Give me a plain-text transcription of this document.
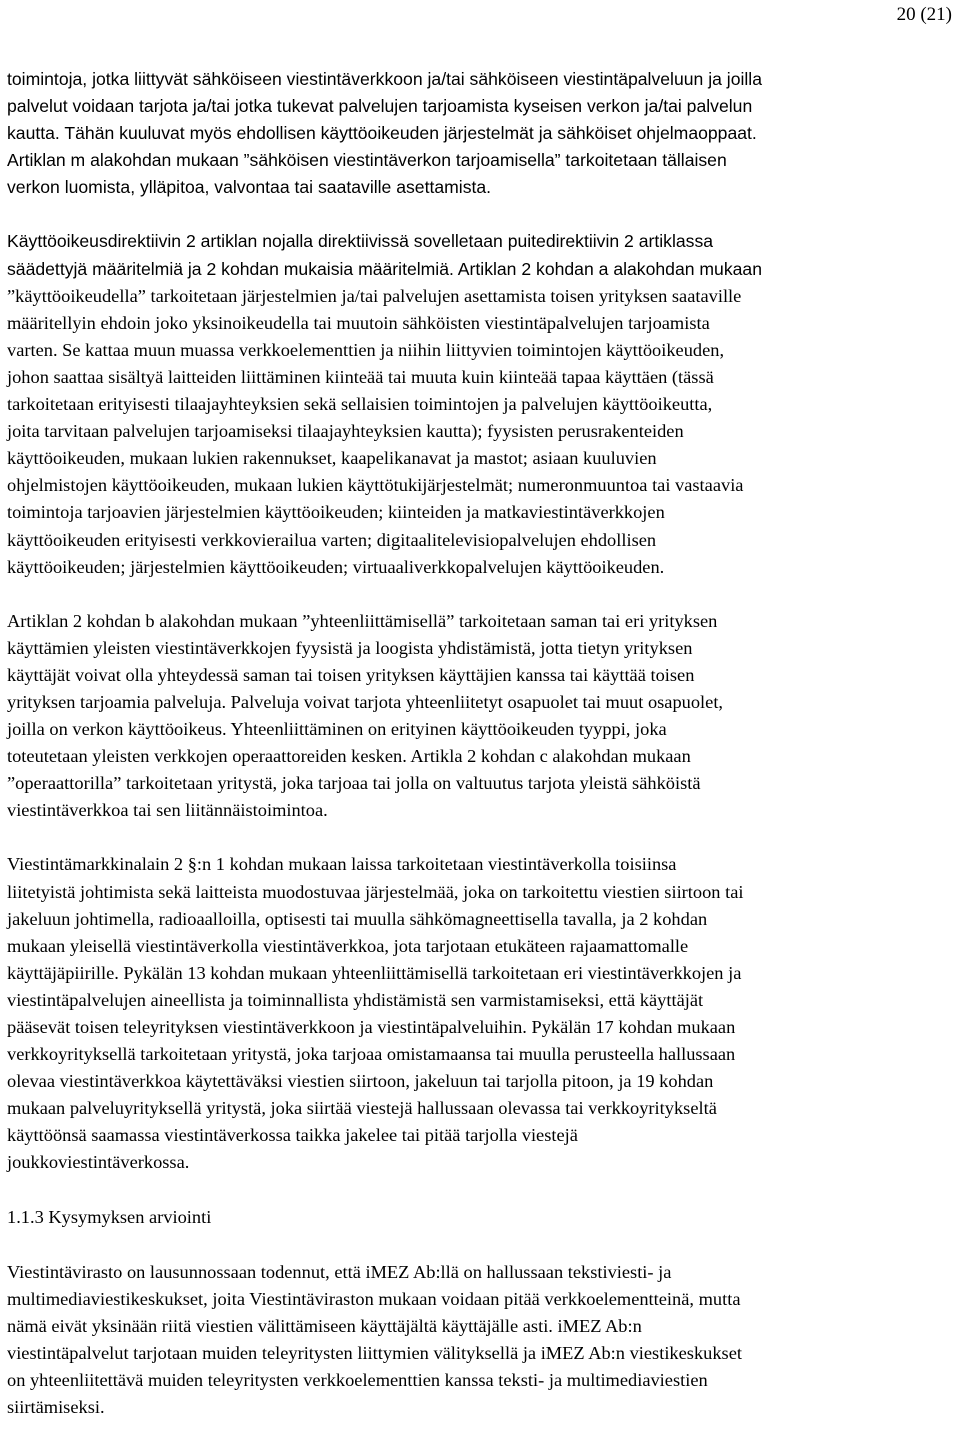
20 (21)

toimintoja, jotka liittyvät sähköiseen viestintäverkkoon ja/tai sähköiseen viestintäpalveluun ja joilla

palvelut voidaan tarjota ja/tai jotka tukevat palvelujen tarjoamista kyseisen verkon ja/tai palvelun

kautta. Tähän kuuluvat myös ehdollisen käyttöoikeuden järjestelmät ja sähköiset ohjelmaoppaat.

Artiklan m alakohdan mukaan ”sähköisen viestintäverkon tarjoamisella” tarkoitetaan tällaisen

verkon luomista, ylläpitoa, valvontaa tai saataville asettamista.

Käyttöoikeusdirektiivin 2 artiklan nojalla direktiivissä sovelletaan puitedirektiivin 2 artiklassa

säädettyjä määritelmiä ja 2 kohdan mukaisia määritelmiä. Artiklan 2 kohdan a alakohdan mukaan

”käyttöoikeudella” tarkoitetaan järjestelmien ja/tai palvelujen asettamista toisen yrityksen saataville

määritellyin ehdoin joko yksinoikeudella tai muutoin sähköisten viestintäpalvelujen tarjoamista

varten. Se kattaa muun muassa verkkoelementtien ja niihin liittyvien toimintojen käyttöoikeuden,

johon saattaa sisältyä laitteiden liittäminen kiinteää tai muuta kuin kiinteää tapaa käyttäen (tässä

tarkoitetaan erityisesti tilaajayhteyksien sekä sellaisien toimintojen ja palvelujen käyttöoikeutta,

joita tarvitaan palvelujen tarjoamiseksi tilaajayhteyksien kautta); fyysisten perusrakenteiden

käyttöoikeuden, mukaan lukien rakennukset, kaapelikanavat ja mastot; asiaan kuuluvien

ohjelmistojen käyttöoikeuden, mukaan lukien käyttötukijärjestelmät; numeronmuuntoa tai vastaavia

toimintoja tarjoavien järjestelmien käyttöoikeuden; kiinteiden ja matkaviestintäverkkojen

käyttöoikeuden erityisesti verkkovierailua varten; digitaalitelevisiopalvelujen ehdollisen

käyttöoikeuden; järjestelmien käyttöoikeuden; virtuaaliverkkopalvelujen käyttöoikeuden.

Artiklan 2 kohdan b alakohdan mukaan ”yhteenliittämisellä” tarkoitetaan saman tai eri yrityksen

käyttämien yleisten viestintäverkkojen fyysistä ja loogista yhdistämistä, jotta tietyn yrityksen

käyttäjät voivat olla yhteydessä saman tai toisen yrityksen käyttäjien kanssa tai käyttää toisen

yrityksen tarjoamia palveluja. Palveluja voivat tarjota yhteenliitetyt osapuolet tai muut osapuolet,

joilla on verkon käyttöoikeus. Yhteenliittäminen on erityinen käyttöoikeuden tyyppi, joka

toteutetaan yleisten verkkojen operaattoreiden kesken. Artikla 2 kohdan c alakohdan mukaan

”operaattorilla” tarkoitetaan yritystä, joka tarjoaa tai jolla on valtuutus tarjota yleistä sähköistä

viestintäverkkoa tai sen liitännäistoimintoa.

Viestintämarkkinalain 2 §:n 1 kohdan mukaan laissa tarkoitetaan viestintäverkolla toisiinsa

liitetyistä johtimista sekä laitteista muodostuvaa järjestelmää, joka on tarkoitettu viestien siirtoon tai

jakeluun johtimella, radioaalloilla, optisesti tai muulla sähkömagneettisella tavalla, ja 2 kohdan

mukaan yleisellä viestintäverkolla viestintäverkkoa, jota tarjotaan etukäteen rajaamattomalle

käyttäjäpiirille. Pykälän 13 kohdan mukaan yhteenliittämisellä tarkoitetaan eri viestintäverkkojen ja

viestintäpalvelujen aineellista ja toiminnallista yhdistämistä sen varmistamiseksi, että käyttäjät

pääsevät toisen teleyrityksen viestintäverkkoon ja viestintäpalveluihin. Pykälän 17 kohdan mukaan

verkkoyrityksellä tarkoitetaan yritystä, joka tarjoaa omistamaansa tai muulla perusteella hallussaan

olevaa viestintäverkkoa käytettäväksi viestien siirtoon, jakeluun tai tarjolla pitoon, ja 19 kohdan

mukaan palveluyrityksellä yritystä, joka siirtää viestejä hallussaan olevassa tai verkkoyritykseltä

käyttöönsä saamassa viestintäverkossa taikka jakelee tai pitää tarjolla viestejä

joukkoviestintäverkossa.

1.1.3 Kysymyksen arviointi

Viestintävirasto on lausunnossaan todennut, että iMEZ Ab:llä on hallussaan tekstiviesti- ja

multimediaviestikeskukset, joita Viestintäviraston mukaan voidaan pitää verkkoelementteinä, mutta

nämä eivät yksinään riitä viestien välittämiseen käyttäjältä käyttäjälle asti. iMEZ Ab:n

viestintäpalvelut tarjotaan muiden teleyritysten liittymien välityksellä ja iMEZ Ab:n viestikeskukset

on yhteenliitettävä muiden teleyritysten verkkoelementtien kanssa teksti- ja multimediaviestien

siirtämiseksi.
